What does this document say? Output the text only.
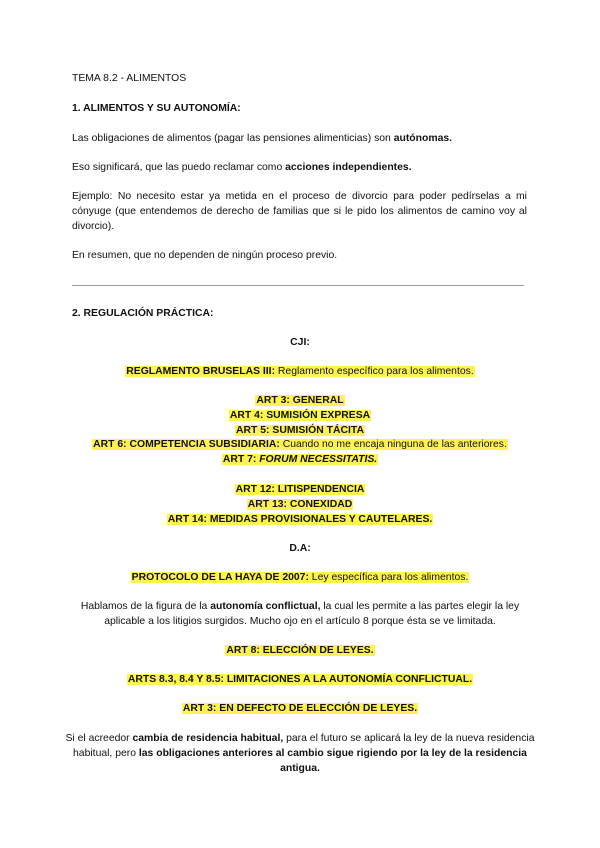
TEMA 8.2 - ALIMENTOS
1. ALIMENTOS Y SU AUTONOMÍA:
Las obligaciones de alimentos (pagar las pensiones alimenticias) son autónomas.
Eso significará, que las puedo reclamar como acciones independientes.
Ejemplo: No necesito estar ya metida en el proceso de divorcio para poder pedírselas a mi cónyuge (que entendemos de derecho de familias que si le pido los alimentos de camino voy al divorcio).
En resumen, que no dependen de ningún proceso previo.
2. REGULACIÓN PRÁCTICA:
CJI:
REGLAMENTO BRUSELAS III: Reglamento específico para los alimentos.
ART 3: GENERAL
ART 4: SUMISIÓN EXPRESA
ART 5: SUMISIÓN TÁCITA
ART 6: COMPETENCIA SUBSIDIARIA: Cuando no me encaja ninguna de las anteriores.
ART 7: FORUM NECESSITATIS.
ART 12: LITISPENDENCIA
ART 13: CONEXIDAD
ART 14: MEDIDAS PROVISIONALES Y CAUTELARES.
D.A:
PROTOCOLO DE LA HAYA DE 2007: Ley específica para los alimentos.
Hablamos de la figura de la autonomía conflictual, la cual les permite a las partes elegir la ley aplicable a los litigios surgidos. Mucho ojo en el artículo 8 porque ésta se ve limitada.
ART 8: ELECCIÓN DE LEYES.
ARTS 8.3, 8.4 Y 8.5: LIMITACIONES A LA AUTONOMÍA CONFLICTUAL.
ART 3: EN DEFECTO DE ELECCIÓN DE LEYES.
Si el acreedor cambia de residencia habitual, para el futuro se aplicará la ley de la nueva residencia habitual, pero las obligaciones anteriores al cambio sigue rigiendo por la ley de la residencia antigua.
